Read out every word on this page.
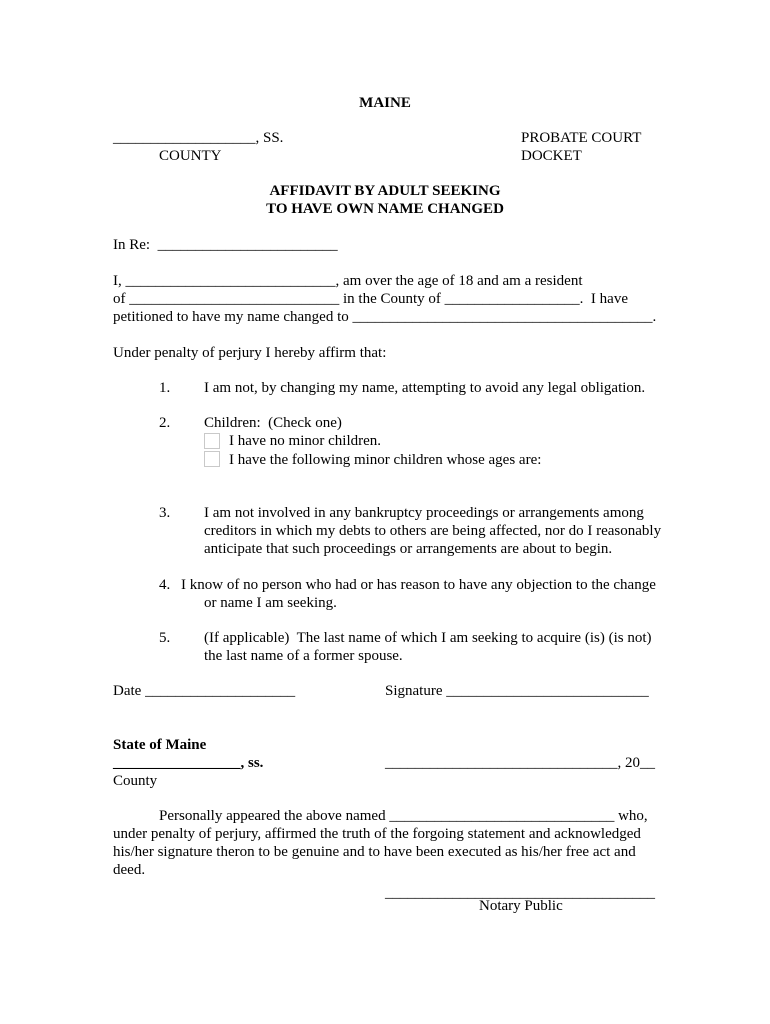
MAINE
___________________, SS.	PROBATE COURT
COUNTY	DOCKET
AFFIDAVIT BY ADULT SEEKING
TO HAVE OWN NAME CHANGED
In Re:  ________________________
I, ____________________________, am over the age of 18 and am a resident
of ____________________________ in the County of __________________.  I have
petitioned to have my name changed to ________________________________________.
Under penalty of perjury I hereby affirm that:
1. I am not, by changing my name, attempting to avoid any legal obligation.
2. Children:  (Check one)
I have no minor children.
I have the following minor children whose ages are:
3. I am not involved in any bankruptcy proceedings or arrangements among
creditors in which my debts to others are being affected, nor do I reasonably
anticipate that such proceedings or arrangements are about to begin.
4. I know of no person who had or has reason to have any objection to the change
or name I am seeking.
5. (If applicable)  The last name of which I am seeking to acquire (is) (is not)
the last name of a former spouse.
Date ____________________	Signature ___________________________
State of Maine
_________________, ss.	_______________________________, 20__
County
Personally appeared the above named ______________________________ who,
under penalty of perjury, affirmed the truth of the forgoing statement and acknowledged
his/her signature theron to be genuine and to have been executed as his/her free act and
deed.
____________________________________
Notary Public
